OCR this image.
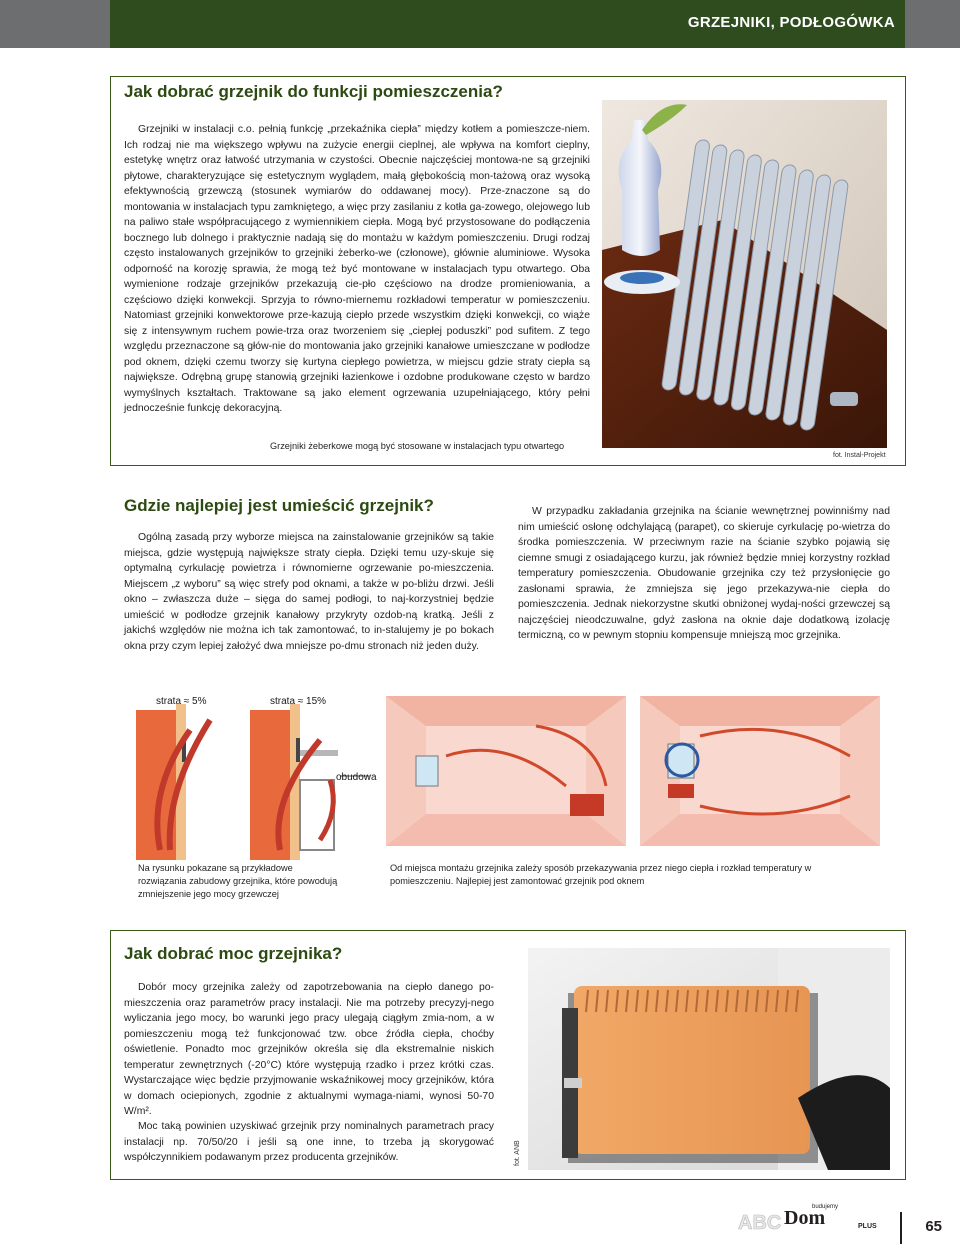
GRZEJNIKI, PODŁOGÓWKA
Jak dobrać grzejnik do funkcji pomieszczenia?
Grzejniki w instalacji c.o. pełnią funkcję „przekaźnika ciepła” między kotłem a pomieszcze-niem. Ich rodzaj nie ma większego wpływu na zużycie energii cieplnej, ale wpływa na komfort cieplny, estetykę wnętrz oraz łatwość utrzymania w czystości. Obecnie najczęściej montowa-ne są grzejniki płytowe, charakteryzujące się estetycznym wyglądem, małą głębokością mon-tażową oraz wysoką efektywnością grzewczą (stosunek wymiarów do oddawanej mocy). Prze-znaczone są do montowania w instalacjach typu zamkniętego, a więc przy zasilaniu z kotła ga-zowego, olejowego lub na paliwo stałe współpracującego z wymiennikiem ciepła. Mogą być przystosowane do podłączenia bocznego lub dolnego i praktycznie nadają się do montażu w każdym pomieszczeniu. Drugi rodzaj często instalowanych grzejników to grzejniki żeberko-we (członowe), głównie aluminiowe. Wysoka odporność na korozję sprawia, że mogą też być montowane w instalacjach typu otwartego. Oba wymienione rodzaje grzejników przekazują cie-pło częściowo na drodze promieniowania, a częściowo dzięki konwekcji. Sprzyja to równo-miernemu rozkładowi temperatur w pomieszczeniu. Natomiast grzejniki konwektorowe prze-kazują ciepło przede wszystkim dzięki konwekcji, co wiąże się z intensywnym ruchem powie-trza oraz tworzeniem się „ciepłej poduszki” pod sufitem. Z tego względu przeznaczone są głów-nie do montowania jako grzejniki kanałowe umieszczane w podłodze pod oknem, dzięki czemu tworzy się kurtyna ciepłego powietrza, w miejscu gdzie straty ciepła są największe. Odrębną grupę stanowią grzejniki łazienkowe i ozdobne produkowane często w bardzo wymyślnych kształtach. Traktowane są jako element ogrzewania uzupełniającego, który pełni jednocześnie funkcję dekoracyjną.
Grzejniki żeberkowe mogą być stosowane w instalacjach typu otwartego
fot. Instal-Projekt
Gdzie najlepiej jest umieścić grzejnik?
Ogólną zasadą przy wyborze miejsca na zainstalowanie grzejników są takie miejsca, gdzie występują największe straty ciepła. Dzięki temu uzy-skuje się optymalną cyrkulację powietrza i równomierne ogrzewanie po-mieszczenia. Miejscem „z wyboru” są więc strefy pod oknami, a także w po-bliżu drzwi. Jeśli okno – zwłaszcza duże – sięga do samej podłogi, to naj-korzystniej będzie umieścić w podłodze grzejnik kanałowy przykryty ozdob-ną kratką. Jeśli z jakichś względów nie można ich tak zamontować, to in-stalujemy je po bokach okna przy czym lepiej założyć dwa mniejsze po-dmu stronach niż jeden duży.
W przypadku zakładania grzejnika na ścianie wewnętrznej powinniśmy nad nim umieścić osłonę odchylającą (parapet), co skieruje cyrkulację po-wietrza do środka pomieszczenia. W przeciwnym razie na ścianie szybko pojawią się ciemne smugi z osiadającego kurzu, jak również będzie mniej korzystny rozkład temperatury pomieszczenia. Obudowanie grzejnika czy też przysłonięcie go zasłonami sprawia, że zmniejsza się jego przekazywa-nie ciepła do pomieszczenia. Jednak niekorzystne skutki obniżonej wydaj-ności grzewczej są najczęściej nieodczuwalne, gdyż zasłona na oknie daje dodatkową izolację termiczną, co w pewnym stopniu kompensuje mniejszą moc grzejnika.
strata ≈ 5%	strata ≈ 15%
obudowa
Na rysunku pokazane są przykładowe rozwiązania zabudowy grzejnika, które powodują zmniejszenie jego mocy grzewczej
Od miejsca montażu grzejnika zależy sposób przekazywania przez niego ciepła i rozkład temperatury w pomieszczeniu. Najlepiej jest zamontować grzejnik pod oknem
Jak dobrać moc grzejnika?
Dobór mocy grzejnika zależy od zapotrzebowania na ciepło danego po-mieszczenia oraz parametrów pracy instalacji. Nie ma potrzeby precyzyj-nego wyliczania jego mocy, bo warunki jego pracy ulegają ciągłym zmia-nom, a w pomieszczeniu mogą też funkcjonować tzw. obce źródła ciepła, choćby oświetlenie. Ponadto moc grzejników określa się dla ekstremalnie niskich temperatur zewnętrznych (-20°C) które występują rzadko i przez krótki czas. Wystarczające więc będzie przyjmowanie wskaźnikowej mocy grzejników, która w domach ociepionych, zgodnie z aktualnymi wymaga-niami, wynosi 50-70 W/m².
Moc taką powinien uzyskiwać grzejnik przy nominalnych parametrach pracy instalacji np. 70/50/20 i jeśli są one inne, to trzeba ją skorygować współczynnikiem podawanym przez producenta grzejników.	fot. ANB
ABC Dom
budujemy
PLUS	65
